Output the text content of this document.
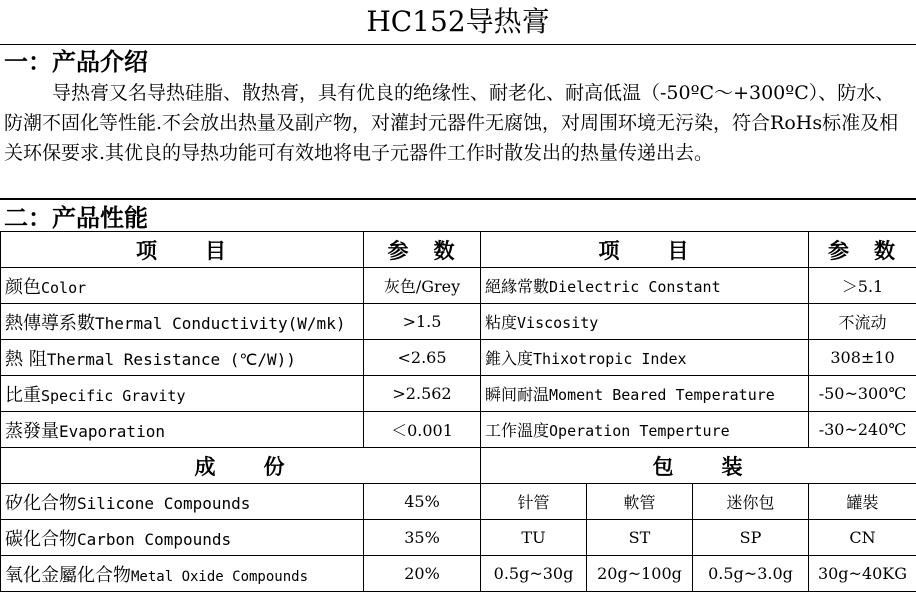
HC152导热膏
一：产品介绍
导热膏又名导热硅脂、散热膏，具有优良的绝缘性、耐老化、耐高低温（-50ºC～+300ºC）、防水、防潮不固化等性能.不会放出热量及副产物，对灌封元器件无腐蚀，对周围环境无污染，符合RoHs标准及相关环保要求.其优良的导热功能可有效地将电子元器件工作时散发出的热量传递出去。
二：产品性能
项　　目	参　数	项　　目	参　数
颜色Color	灰色/Grey	絕緣常數Dielectric Constant	＞5.1
熱傳導系數Thermal Conductivity(W/mk)	>1.5	粘度Viscosity	不流动
熱 阻Thermal Resistance (℃/W))	<2.65	錐入度Thixotropic Index	308±10
比重Specific Gravity	>2.562	瞬间耐温Moment Beared Temperature	-50~300℃
蒸發量Evaporation	＜0.001	工作溫度Operation Temperture	-30~240℃
成　　份		包　　装			
矽化合物Silicone Compounds	45%	针管	軟管	迷你包	罐裝
碳化合物Carbon Compounds	35%	TU	ST	SP	CN
氧化金屬化合物Metal Oxide Compounds	20%	0.5g~30g	20g~100g	0.5g~3.0g	30g~40KG
